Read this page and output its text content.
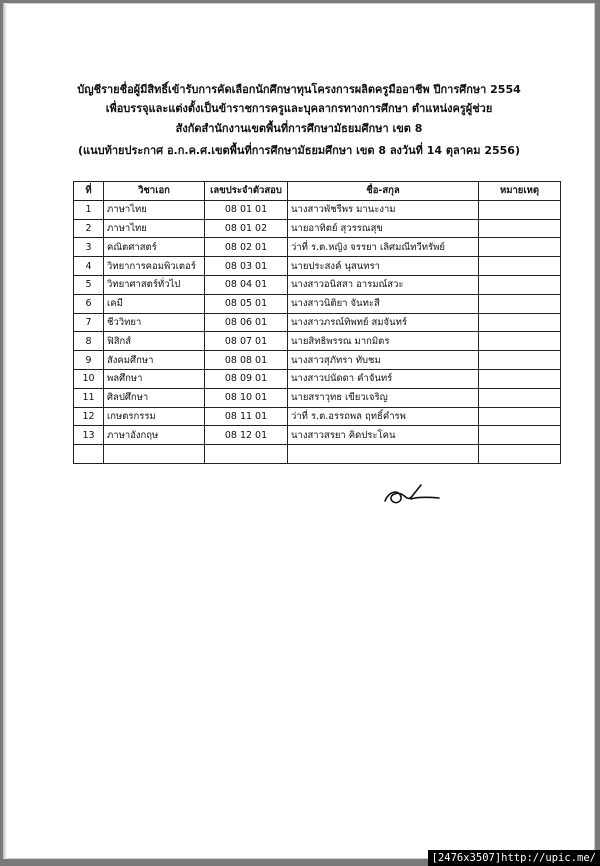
บัญชีรายชื่อผู้มีสิทธิ์เข้ารับการคัดเลือกนักศึกษาทุนโครงการผลิตครูมืออาชีพ ปีการศึกษา 2554
เพื่อบรรจุและแต่งตั้งเป็นข้าราชการครูและบุคลากรทางการศึกษา ตำแหน่งครูผู้ช่วย
สังกัดสำนักงานเขตพื้นที่การศึกษามัธยมศึกษา เขต 8
(แนบท้ายประกาศ อ.ก.ค.ศ.เขตพื้นที่การศึกษามัธยมศึกษา เขต 8 ลงวันที่ 14 ตุลาคม 2556)
ที่	วิชาเอก	เลขประจำตัวสอบ	ชื่อ-สกุล	หมายเหตุ
1	ภาษาไทย	08 01 01	นางสาวพัชรีพร มานะงาม	
2	ภาษาไทย	08 01 02	นายอาทิตย์ สุวรรณสุข	
3	คณิตศาสตร์	08 02 01	ว่าที่ ร.ต.หญิง จรรยา เลิศมณีทวีทรัพย์	
4	วิทยาการคอมพิวเตอร์	08 03 01	นายประสงค์ นุสนทรา	
5	วิทยาศาสตร์ทั่วไป	08 04 01	นางสาวอนิสสา อารมณ์สวะ	
6	เคมี	08 05 01	นางสาวนิติยา จันทะสี	
7	ชีววิทยา	08 06 01	นางสาวภรณ์ทิพทย์ สมจันทร์	
8	ฟิสิกส์	08 07 01	นายสิทธิพรรณ มากมิตร	
9	สังคมศึกษา	08 08 01	นางสาวสุภัทรา ทับชม	
10	พลศึกษา	08 09 01	นางสาวปนัดดา คำจันทร์	
11	ศิลปศึกษา	08 10 01	นายสราวุทธ เขียวเจริญ	
12	เกษตรกรรม	08 11 01	ว่าที่ ร.ต.อรรถพล ฤทธิ์คำรพ	
13	ภาษาอังกฤษ	08 12 01	นางสาวสรยา คิดประโคน	

[2476x3507]http://upic.me/
